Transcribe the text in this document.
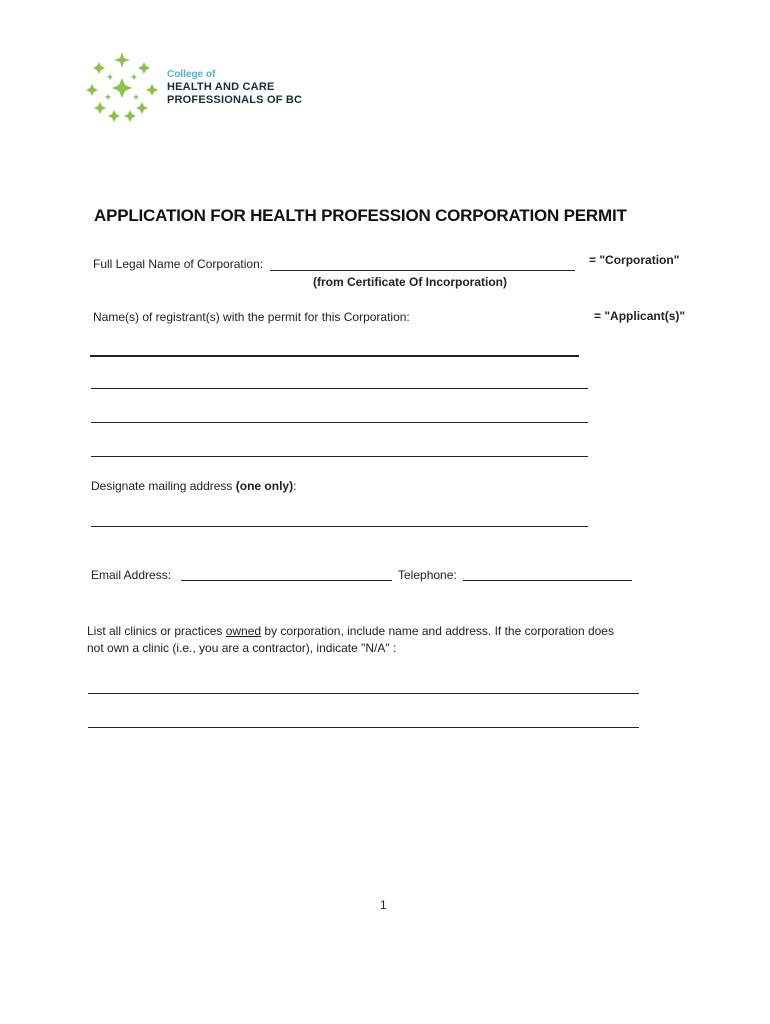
College of
HEALTH AND CARE
PROFESSIONALS OF BC
APPLICATION FOR HEALTH PROFESSION CORPORATION PERMIT
Full Legal Name of Corporation:
(from Certificate Of Incorporation)
= "Corporation"
Name(s) of registrant(s) with the permit for this Corporation:	= "Applicant(s)"
Designate mailing address (one only):
Email Address:	Telephone:
List all clinics or practices owned by corporation, include name and address. If the corporation does
not own a clinic (i.e., you are a contractor), indicate "N/A" :
1
